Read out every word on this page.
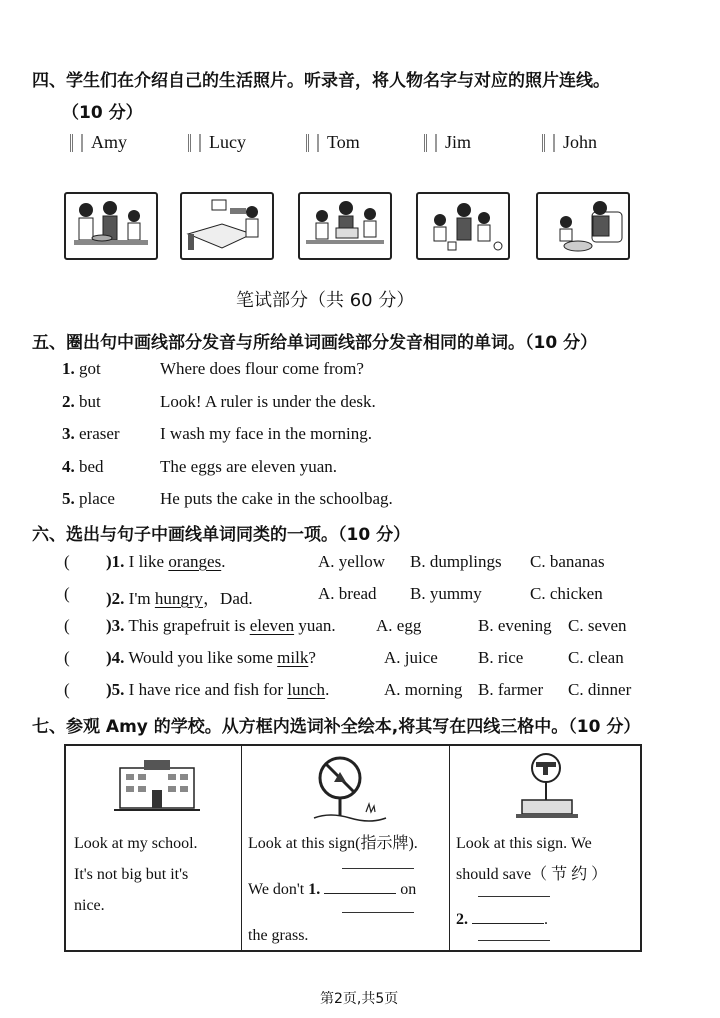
四、学生们在介绍自己的生活照片。听录音，将人物名字与对应的照片连线。
（10 分）
Amy	Lucy	Tom	Jim	John
笔试部分（共 60 分）
五、圈出句中画线部分发音与所给单词画线部分发音相同的单词。（10 分）
1. got	Where does flour come from?
2. but	Look! A ruler is under the desk.
3. eraser I wash my face in the morning.
4. bed	The eggs are eleven yuan.
5. place	He puts the cake in the schoolbag.
六、选出与句子中画线单词同类的一项。（10 分）
( )1. I like oranges.	A. yellow B. dumplings C. bananas
( )2. I'm hungry，Dad.	A. bread B. yummy	C. chicken
( )3. This grapefruit is eleven yuan. A. egg	B. evening C. seven
( )4. Would you like some milk?	A. juice B. rice	C. clean
( )5. I have rice and fish for lunch.	A. morning B. farmer C. dinner
七、参观 Amy 的学校。从方框内选词补全绘本,将其写在四线三格中。（10 分）
Look at my school.
It's not big but it's
nice.
Look at this sign(指示牌).
We don't 1.	on
the grass.
Look at this sign. We
should save（ 节 约 ）
2.	.
第2页,共5页
